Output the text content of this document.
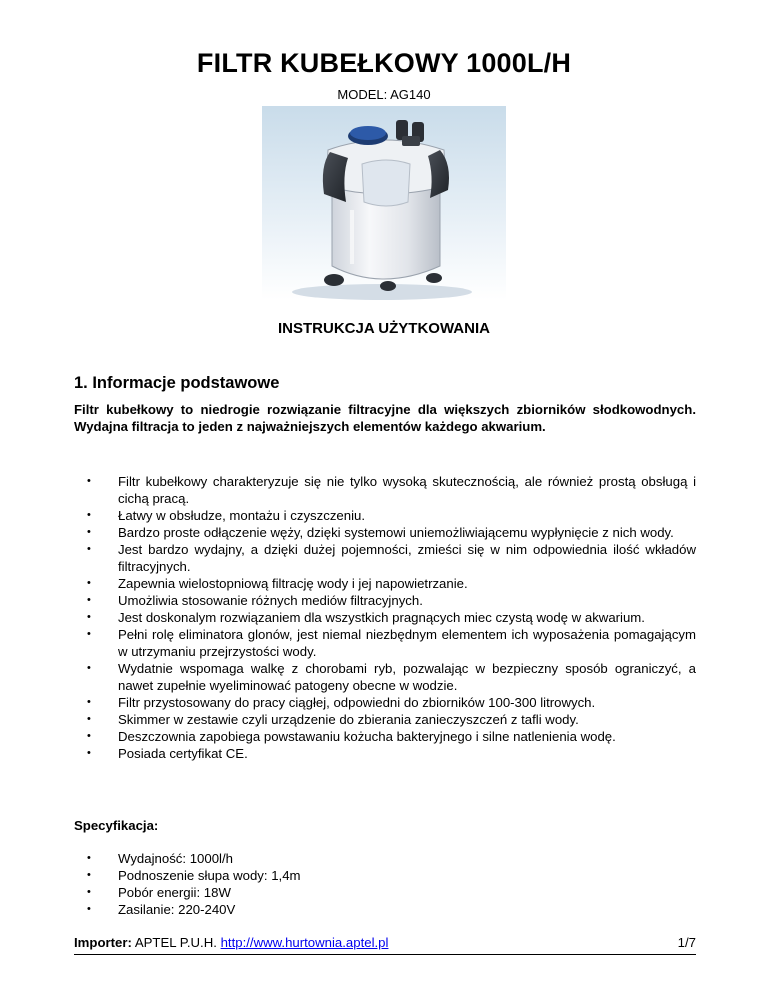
FILTR KUBEŁKOWY 1000L/H
MODEL: AG140
INSTRUKCJA UŻYTKOWANIA
1. Informacje podstawowe

Filtr kubełkowy to niedrogie rozwiązanie filtracyjne dla większych zbiorników słodkowodnych. Wydajna filtracja to jeden z najważniejszych elementów każdego akwarium.

• Filtr kubełkowy charakteryzuje się nie tylko wysoką skutecznością, ale również prostą obsługą i cichą pracą.
• Łatwy w obsłudze, montażu i czyszczeniu.
• Bardzo proste odłączenie węży, dzięki systemowi uniemożliwiającemu wypłynięcie z nich wody.
• Jest bardzo wydajny, a dzięki dużej pojemności, zmieści się w nim odpowiednia ilość wkładów filtracyjnych.
• Zapewnia wielostopniową filtrację wody i jej napowietrzanie.
• Umożliwia stosowanie różnych mediów filtracyjnych.
• Jest doskonalym rozwiązaniem dla wszystkich pragnących miec czystą wodę w akwarium.
• Pełni rolę eliminatora glonów, jest niemal niezbędnym elementem ich wyposażenia pomagającym w utrzymaniu przejrzystości wody.
• Wydatnie wspomaga walkę z chorobami ryb, pozwalając w bezpieczny sposób ograniczyć, a nawet zupełnie wyeliminować patogeny obecne w wodzie.
• Filtr przystosowany do pracy ciągłej, odpowiedni do zbiorników 100-300 litrowych.
• Skimmer w zestawie czyli urządzenie do zbierania zanieczyszczeń z tafli wody.
• Deszczownia zapobiega powstawaniu kożucha bakteryjnego i silne natlenienia wodę.
• Posiada certyfikat CE.
Specyfikacja:
• Wydajność: 1000l/h
• Podnoszenie słupa wody: 1,4m
• Pobór energii: 18W
• Zasilanie: 220-240V
Importer: APTEL P.U.H. http://www.hurtownia.aptel.pl	1/7
